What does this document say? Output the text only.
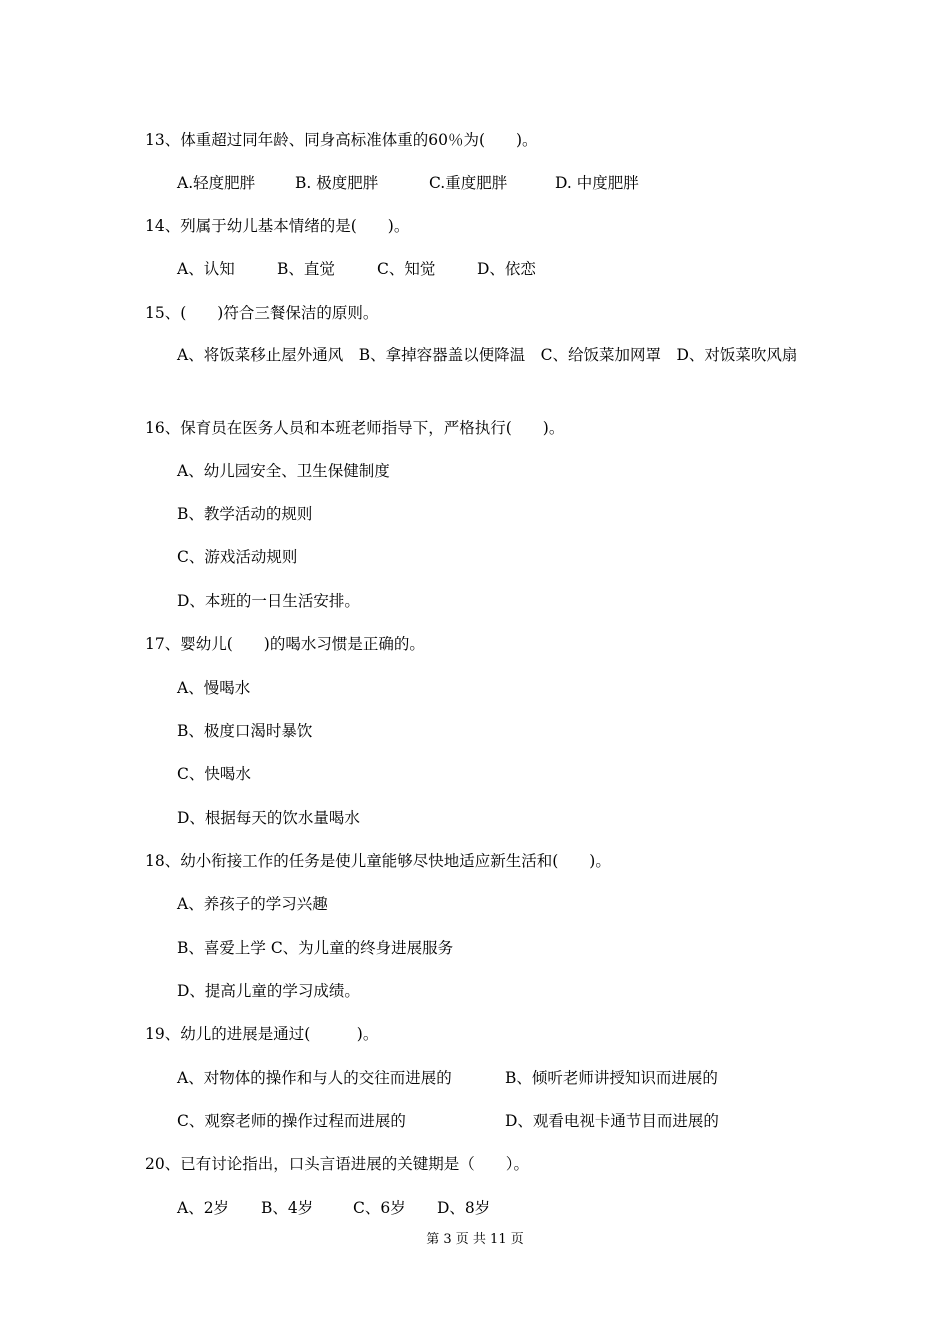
13、体重超过同年龄、同身高标准体重的60％为(　　)。
A.轻度肥胖	B. 极度肥胖	C.重度肥胖	D. 中度肥胖
14、列属于幼儿基本情绪的是(　　)。
A、认知	B、直觉	C、知觉	D、依恋
15、(　　)符合三餐保洁的原则。
A、将饭菜移止屋外通风　B、拿掉容器盖以便降温　C、给饭菜加网罩　D、对饭菜吹风扇
16、保育员在医务人员和本班老师指导下，严格执行(　　)。
A、幼儿园安全、卫生保健制度
B、教学活动的规则
C、游戏活动规则
D、本班的一日生活安排。
17、婴幼儿(　　)的喝水习惯是正确的。
A、慢喝水
B、极度口渴时暴饮
C、快喝水
D、根据每天的饮水量喝水
18、幼小衔接工作的任务是使儿童能够尽快地适应新生活和(　　)。
A、养孩子的学习兴趣
B、喜爱上学 C、为儿童的终身进展服务
D、提高儿童的学习成绩。
19、幼儿的进展是通过(　　　)。
A、对物体的操作和与人的交往而进展的	B、倾听老师讲授知识而进展的
C、观察老师的操作过程而进展的	D、观看电视卡通节目而进展的
20、已有讨论指出，口头言语进展的关键期是（　　）。
A、2岁 B、4岁	C、6岁 D、8岁
第 3 页 共 11 页
